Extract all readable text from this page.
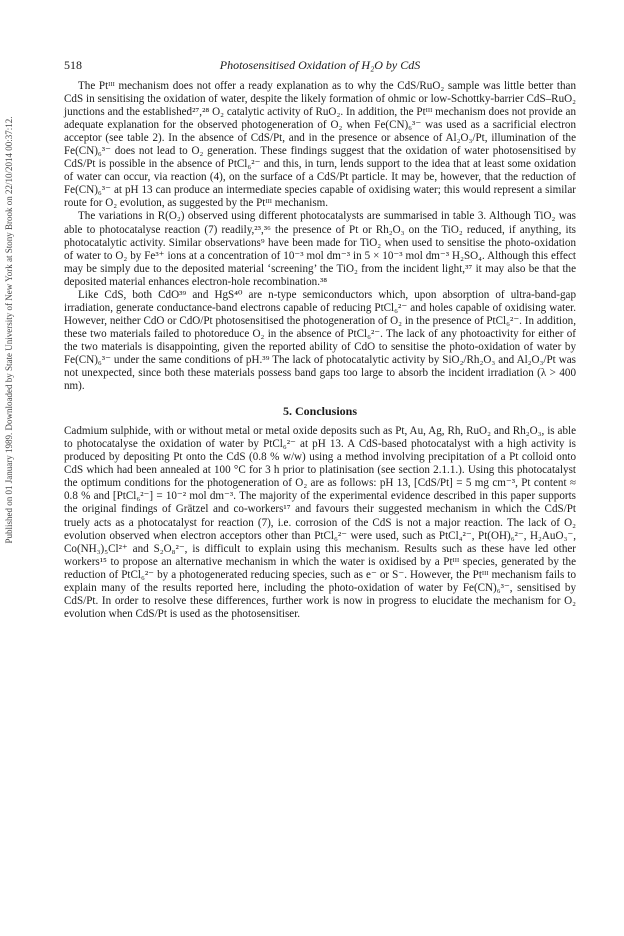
Published on 01 January 1989. Downloaded by State University of New York at Stony Brook on 22/10/2014 00:37:12.
518	Photosensitised Oxidation of H₂O by CdS

The Ptᴵᴵᴵ mechanism does not offer a ready explanation as to why the CdS/RuO₂ sample was little better than CdS in sensitising the oxidation of water, despite the likely formation of ohmic or low-Schottky-barrier CdS–RuO₂ junctions and the established²⁷,²⁸ O₂ catalytic activity of RuO₂. In addition, the Ptᴵᴵᴵ mechanism does not provide an adequate explanation for the observed photogeneration of O₂ when Fe(CN)₆³⁻ was used as a sacrificial electron acceptor (see table 2). In the absence of CdS/Pt, and in the presence or absence of Al₂O₃/Pt, illumination of the Fe(CN)₆³⁻ does not lead to O₂ generation. These findings suggest that the oxidation of water photosensitised by CdS/Pt is possible in the absence of PtCl₆²⁻ and this, in turn, lends support to the idea that at least some oxidation of water can occur, via reaction (4), on the surface of a CdS/Pt particle. It may be, however, that the reduction of Fe(CN)₆³⁻ at pH 13 can produce an intermediate species capable of oxidising water; this would represent a similar route for O₂ evolution, as suggested by the Ptᴵᴵᴵ mechanism.

The variations in R(O₂) observed using different photocatalysts are summarised in table 3. Although TiO₂ was able to photocatalyse reaction (7) readily,²³,³⁶ the presence of Pt or Rh₂O₃ on the TiO₂ reduced, if anything, its photocatalytic activity. Similar observations⁹ have been made for TiO₂ when used to sensitise the photo-oxidation of water to O₂ by Fe³⁺ ions at a concentration of 10⁻³ mol dm⁻³ in 5 × 10⁻³ mol dm⁻³ H₂SO₄. Although this effect may be simply due to the deposited material ‘screening’ the TiO₂ from the incident light,³⁷ it may also be that the deposited material enhances electron-hole recombination.³⁸

Like CdS, both CdO³⁹ and HgS⁴⁰ are n-type semiconductors which, upon absorption of ultra-band-gap irradiation, generate conductance-band electrons capable of reducing PtCl₆²⁻ and holes capable of oxidising water. However, neither CdO or CdO/Pt photosensitised the photogeneration of O₂ in the presence of PtCl₆²⁻. In addition, these two materials failed to photoreduce O₂ in the absence of PtCl₆²⁻. The lack of any photoactivity for either of the two materials is disappointing, given the reported ability of CdO to sensitise the photo-oxidation of water by Fe(CN)₆³⁻ under the same conditions of pH.³⁹ The lack of photocatalytic activity by SiO₂/Rh₂O₃ and Al₂O₃/Pt was not unexpected, since both these materials possess band gaps too large to absorb the incident irradiation (λ > 400 nm).

5. Conclusions

Cadmium sulphide, with or without metal or metal oxide deposits such as Pt, Au, Ag, Rh, RuO₂ and Rh₂O₃, is able to photocatalyse the oxidation of water by PtCl₆²⁻ at pH 13. A CdS-based photocatalyst with a high activity is produced by depositing Pt onto the CdS (0.8 % w/w) using a method involving precipitation of a Pt colloid onto CdS which had been annealed at 100 °C for 3 h prior to platinisation (see section 2.1.1.). Using this photocatalyst the optimum conditions for the photogeneration of O₂ are as follows: pH 13, [CdS/Pt] = 5 mg cm⁻³, Pt content ≈ 0.8 % and [PtCl₆²⁻] = 10⁻² mol dm⁻³. The majority of the experimental evidence described in this paper supports the original findings of Grätzel and co-workers¹⁷ and favours their suggested mechanism in which the CdS/Pt truely acts as a photocatalyst for reaction (7), i.e. corrosion of the CdS is not a major reaction. The lack of O₂ evolution observed when electron acceptors other than PtCl₆²⁻ were used, such as PtCl₄²⁻, Pt(OH)₆²⁻, H₂AuO₃⁻, Co(NH₃)₅Cl²⁺ and S₂O₈²⁻, is difficult to explain using this mechanism. Results such as these have led other workers¹⁵ to propose an alternative mechanism in which the water is oxidised by a Ptᴵᴵᴵ species, generated by the reduction of PtCl₆²⁻ by a photogenerated reducing species, such as e⁻ or S⁻. However, the Ptᴵᴵᴵ mechanism fails to explain many of the results reported here, including the photo-oxidation of water by Fe(CN)₆³⁻, sensitised by CdS/Pt. In order to resolve these differences, further work is now in progress to elucidate the mechanism for O₂ evolution when CdS/Pt is used as the photosensitiser.
